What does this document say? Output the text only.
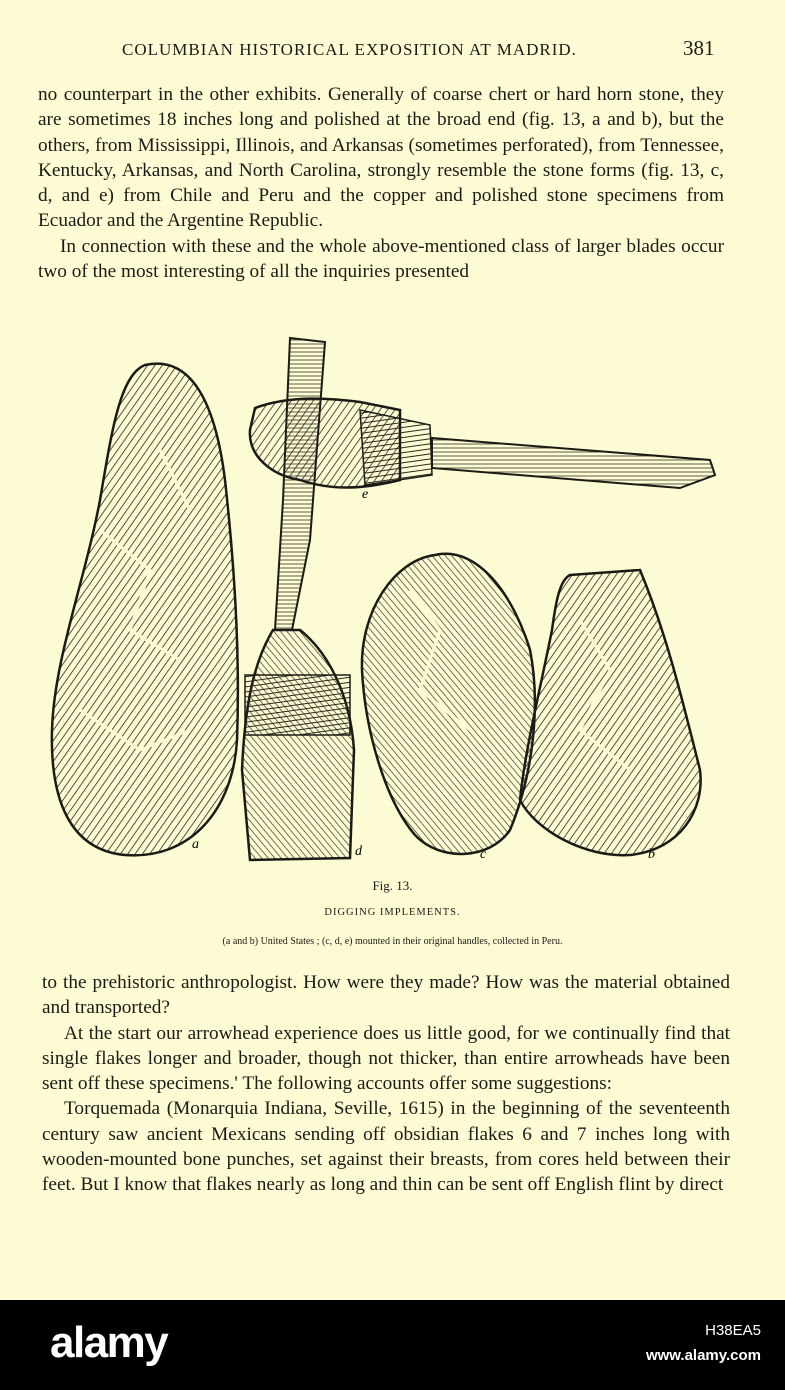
COLUMBIAN HISTORICAL EXPOSITION AT MADRID.	381

no counterpart in the other exhibits. Generally of coarse chert or hard horn stone, they are sometimes 18 inches long and polished at the broad end (fig. 13, a and b), but the others, from Mississippi, Illinois, and Arkansas (sometimes perforated), from Tennessee, Kentucky, Arkansas, and North Carolina, strongly resemble the stone forms (fig. 13, c, d, and e) from Chile and Peru and the copper and polished stone specimens from Ecuador and the Argentine Republic.

In connection with these and the whole above-mentioned class of larger blades occur two of the most interesting of all the inquiries presented

a	d
e
c	b
Fig. 13.
DIGGING IMPLEMENTS.
(a and b) United States ; (c, d, e) mounted in their original handles, collected in Peru.

to the prehistoric anthropologist. How were they made? How was the material obtained and transported?

At the start our arrowhead experience does us little good, for we continually find that single flakes longer and broader, though not thicker, than entire arrowheads have been sent off these specimens.' The following accounts offer some suggestions:

Torquemada (Monarquia Indiana, Seville, 1615) in the beginning of the seventeenth century saw ancient Mexicans sending off obsidian flakes 6 and 7 inches long with wooden-mounted bone punches, set against their breasts, from cores held between their feet. But I know that flakes nearly as long and thin can be sent off English flint by direct

alamy	H38EA5
www.alamy.com
